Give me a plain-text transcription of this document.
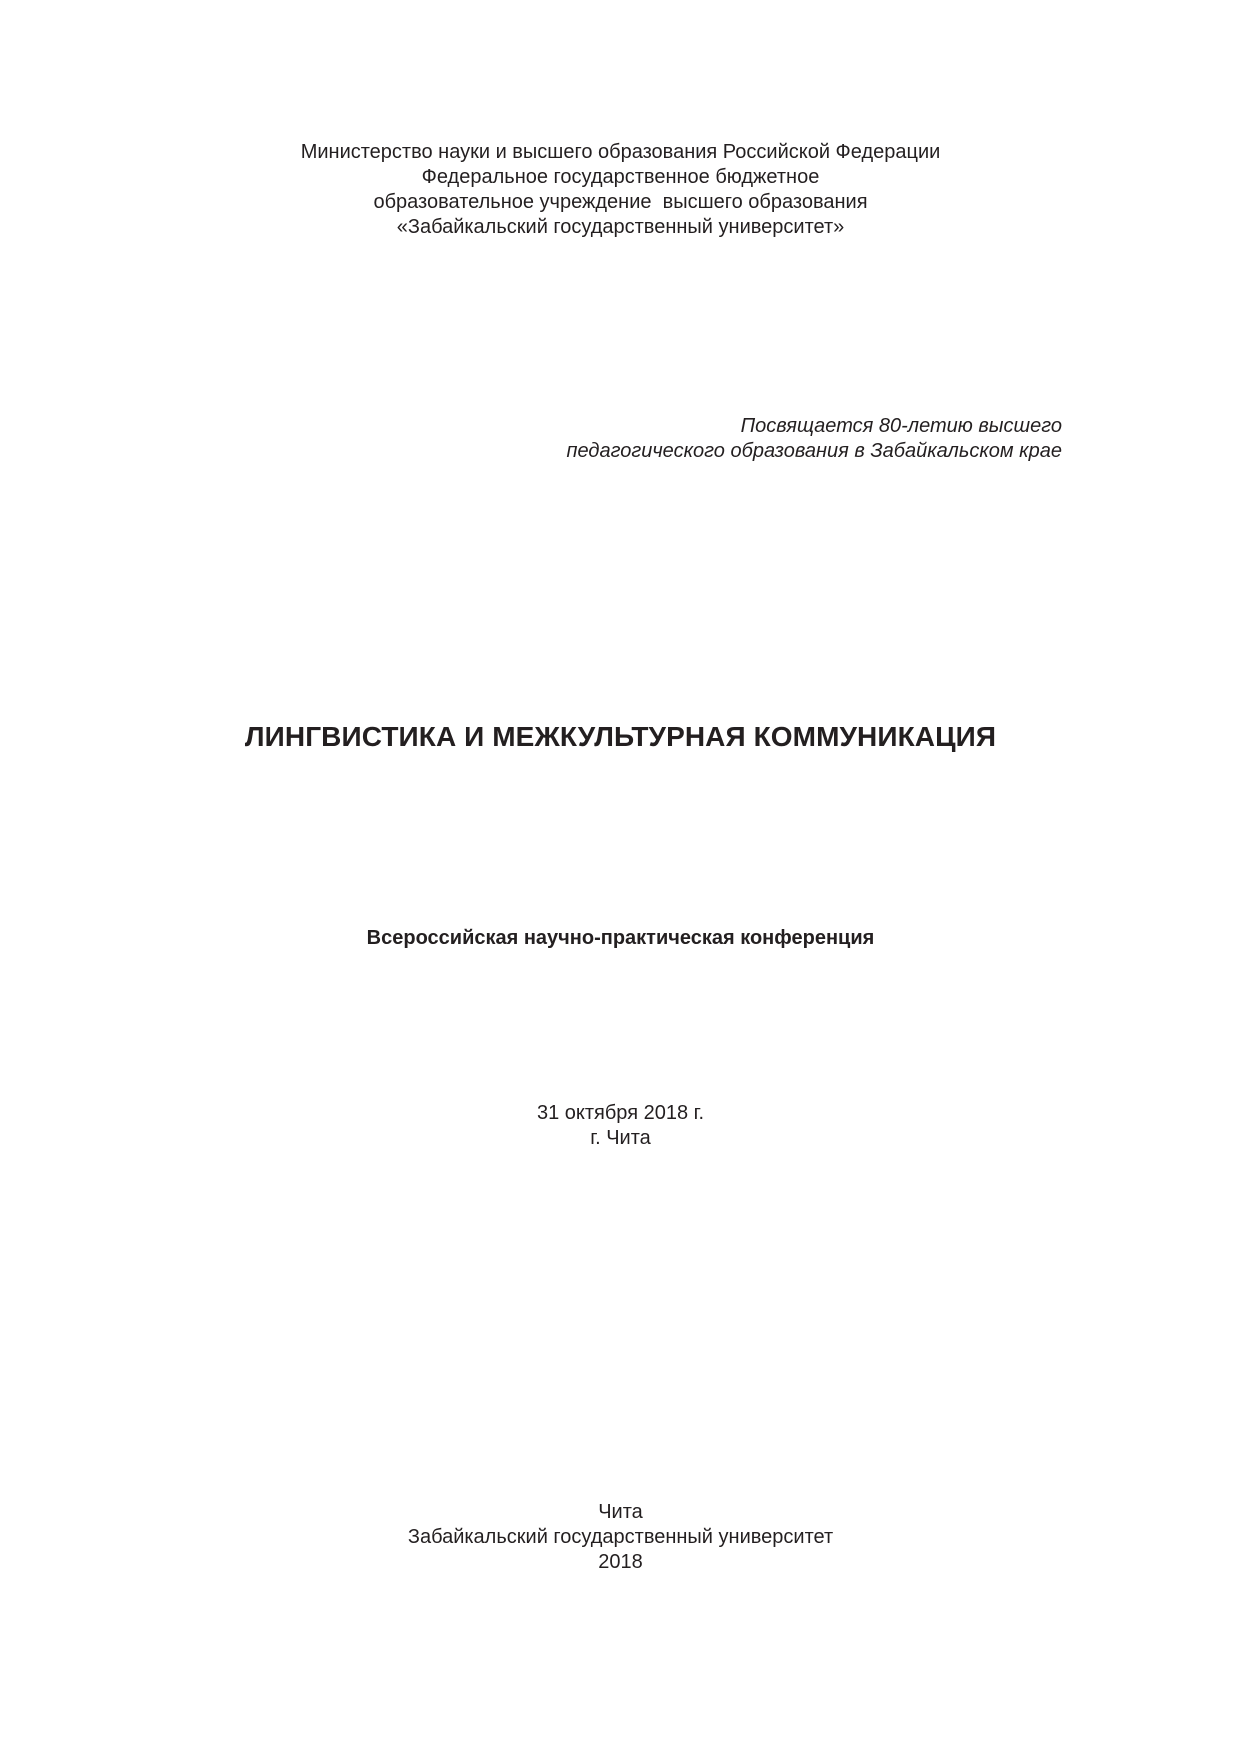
Министерство науки и высшего образования Российской Федерации
Федеральное государственное бюджетное
образовательное учреждение  высшего образования
«Забайкальский государственный университет»
Посвящается 80-летию высшего
педагогического образования в Забайкальском крае
ЛИНГВИСТИКА И МЕЖКУЛЬТУРНАЯ КОММУНИКАЦИЯ
Всероссийская научно-практическая конференция
31 октября 2018 г.
г. Чита
Чита
Забайкальский государственный университет
2018
